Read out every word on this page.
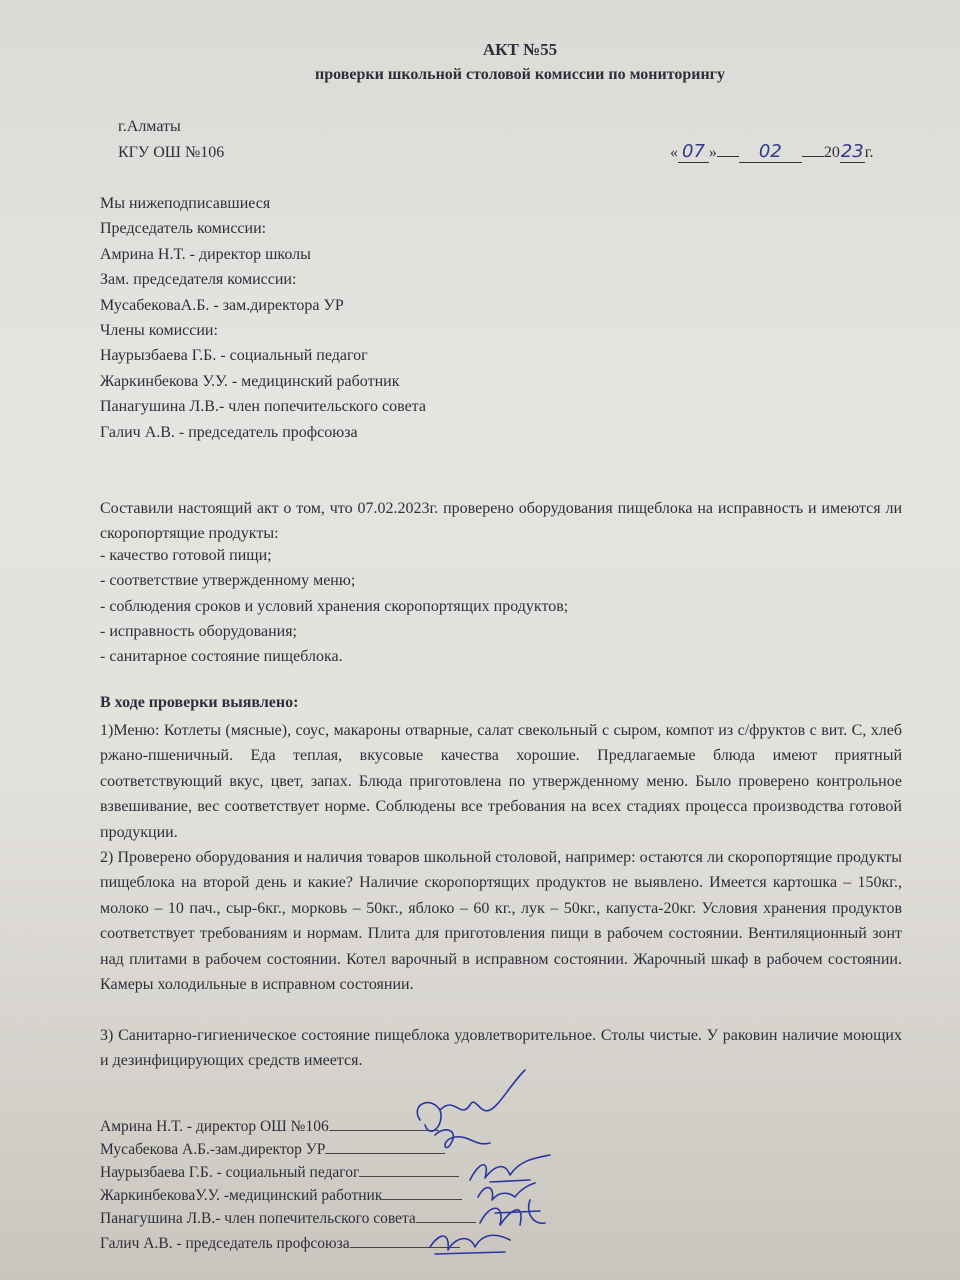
АКТ №55
проверки школьной столовой комиссии по мониторингу
г.Алматы
КГУ ОШ №106	« 07 » 02	2023г.
Мы нижеподписавшиеся
Председатель комиссии:
Амрина Н.Т. - директор школы
Зам. председателя комиссии:
МусабековаА.Б. - зам.директора УР
Члены комиссии:
Наурызбаева Г.Б. - социальный педагог
Жаркинбекова У.У. - медицинский работник
Панагушина Л.В.- член попечительского совета
Галич А.В. - председатель профсоюза
Составили настоящий акт о том, что 07.02.2023г. проверено оборудования пищеблока на исправность и имеются ли скоропортящие продукты:
- качество готовой пищи;
- соответствие утвержденному меню;
- соблюдения сроков и условий хранения скоропортящих продуктов;
- исправность оборудования;
- санитарное состояние пищеблока.
В ходе проверки выявлено:
1)Меню: Котлеты (мясные), соус, макароны отварные, салат свекольный с сыром, компот из с/фруктов с вит. С, хлеб ржано-пшеничный. Еда теплая, вкусовые качества хорошие. Предлагаемые блюда имеют приятный соответствующий вкус, цвет, запах. Блюда приготовлена по утвержденному меню. Было проверено контрольное взвешивание, вес соответствует норме. Соблюдены все требования на всех стадиях процесса производства готовой продукции.
2) Проверено оборудования и наличия товаров школьной столовой, например: остаются ли скоропортящие продукты пищеблока на второй день и какие? Наличие скоропортящих продуктов не выявлено. Имеется картошка – 150кг., молоко – 10 пач., сыр-6кг., морковь – 50кг., яблоко – 60 кг., лук – 50кг., капуста-20кг. Условия хранения продуктов соответствует требованиям и нормам. Плита для приготовления пищи в рабочем состоянии. Вентиляционный зонт над плитами в рабочем состоянии. Котел варочный в исправном состоянии. Жарочный шкаф в рабочем состоянии. Камеры холодильные в исправном состоянии.
3) Санитарно-гигиеническое состояние пищеблока удовлетворительное. Столы чистые. У раковин наличие моющих и дезинфицирующих средств имеется.
Амрина Н.Т. - директор ОШ №106
Мусабекова А.Б.-зам.директор УР
Наурызбаева Г.Б. - социальный педагог
ЖаркинбековаУ.У. -медицинский работник
Панагушина Л.В.- член попечительского совета
Галич А.В. - председатель профсоюза
